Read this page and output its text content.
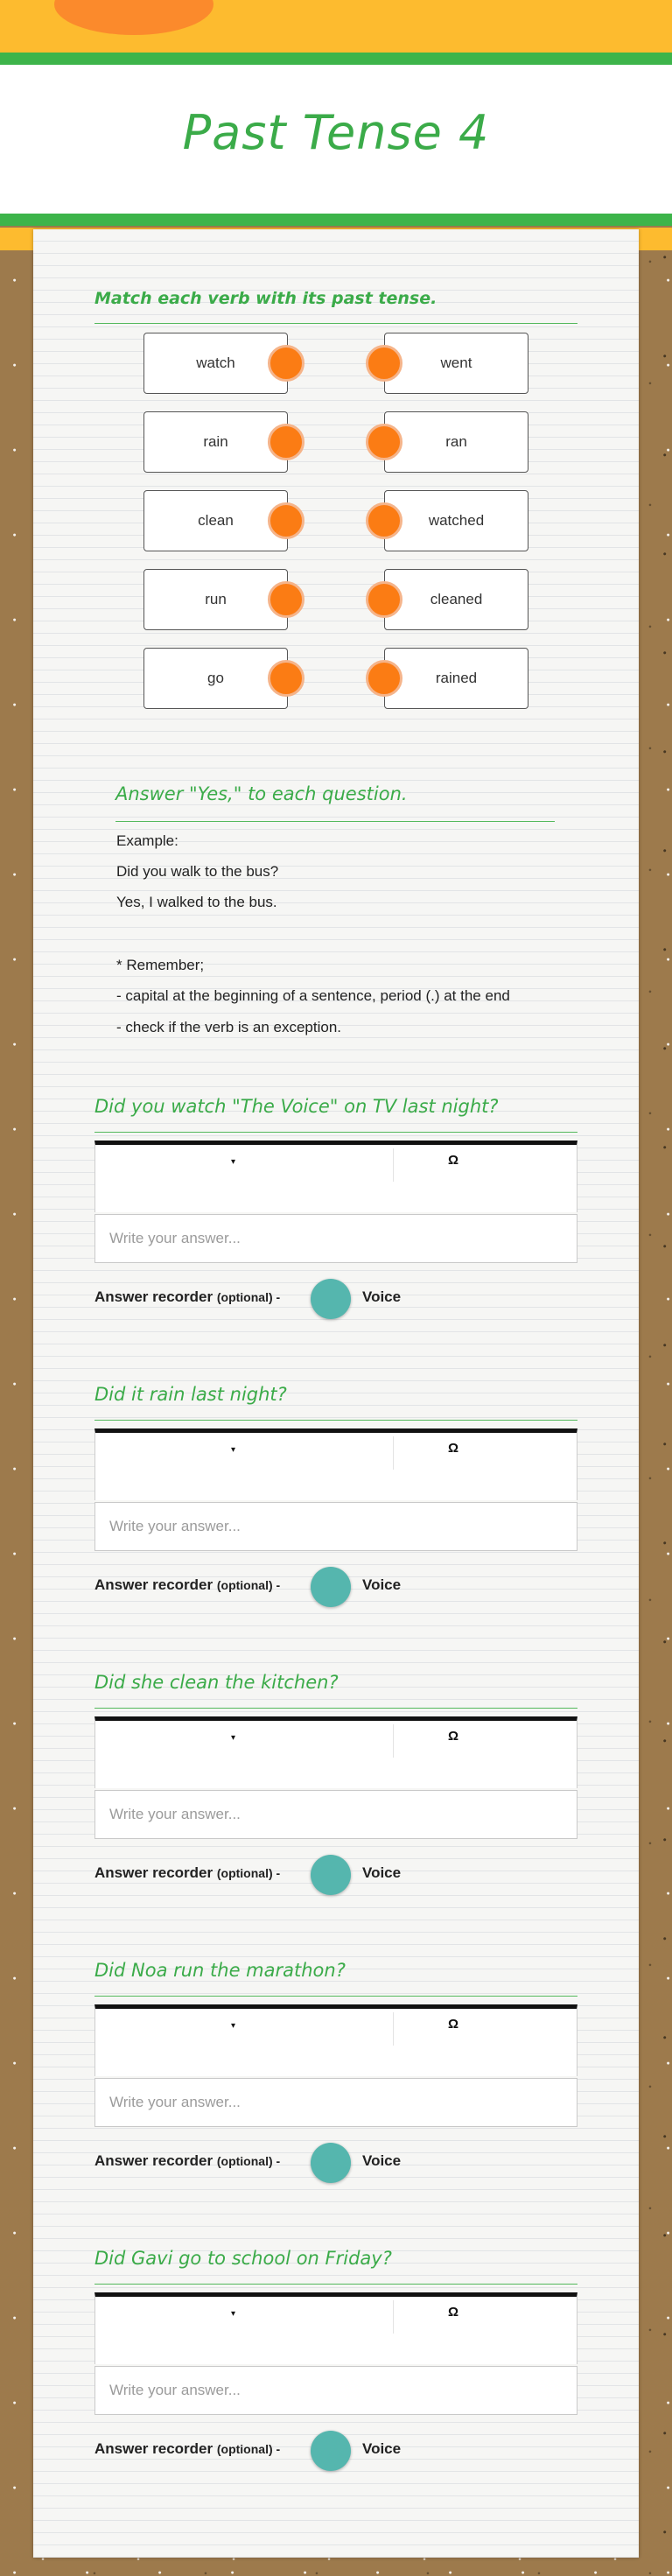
Past Tense 4
Match each verb with its past tense.
watch
rain
clean
run
go
went
ran
watched
cleaned
rained
Answer "Yes," to each question.
Example:
Did you walk to the bus?
Yes, I walked to the bus.
* Remember;
- capital at the beginning of a sentence, period (.) at the end
- check if the verb is an exception.
Did you watch "The Voice" on TV last night?
▾	Ω
Write your answer...
Answer recorder (optional) -	Voice
Did it rain last night?
▾	Ω
Write your answer...
Answer recorder (optional) -	Voice
Did she clean the kitchen?
▾	Ω
Write your answer...
Answer recorder (optional) -	Voice
Did Noa run the marathon?
▾	Ω
Write your answer...
Answer recorder (optional) -	Voice
Did Gavi go to school on Friday?
▾	Ω
Write your answer...
Answer recorder (optional) -	Voice
